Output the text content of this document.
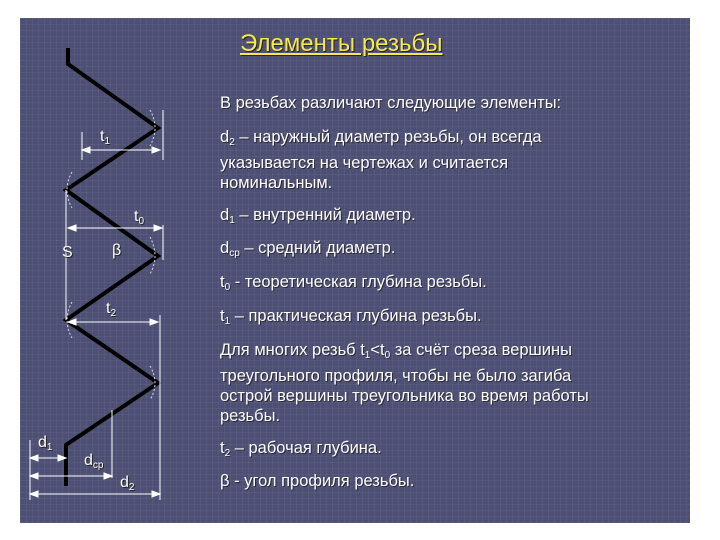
$t_1$
$t_0$
S β
$t_2$
$d_1$
$d_{ср}$
$d_2$
Элементы резьбы
В резьбах различают следующие элементы:
$d_2$ – наружный диаметр резьбы, он всегда
указывается на чертежах и считается
номинальным.
$d_1$ – внутренний диаметр.
$d_{ср}$ – средний диаметр.
$t_0$ - теоретическая глубина резьбы.
$t_1$ – практическая глубина резьбы.
Для многих резьб $t_1<t_0$ за счёт среза вершины
треугольного профиля, чтобы не было загиба
острой вершины треугольника во время работы
резьбы.
$t_2$ – рабочая глубина.
β - угол профиля резьбы.
